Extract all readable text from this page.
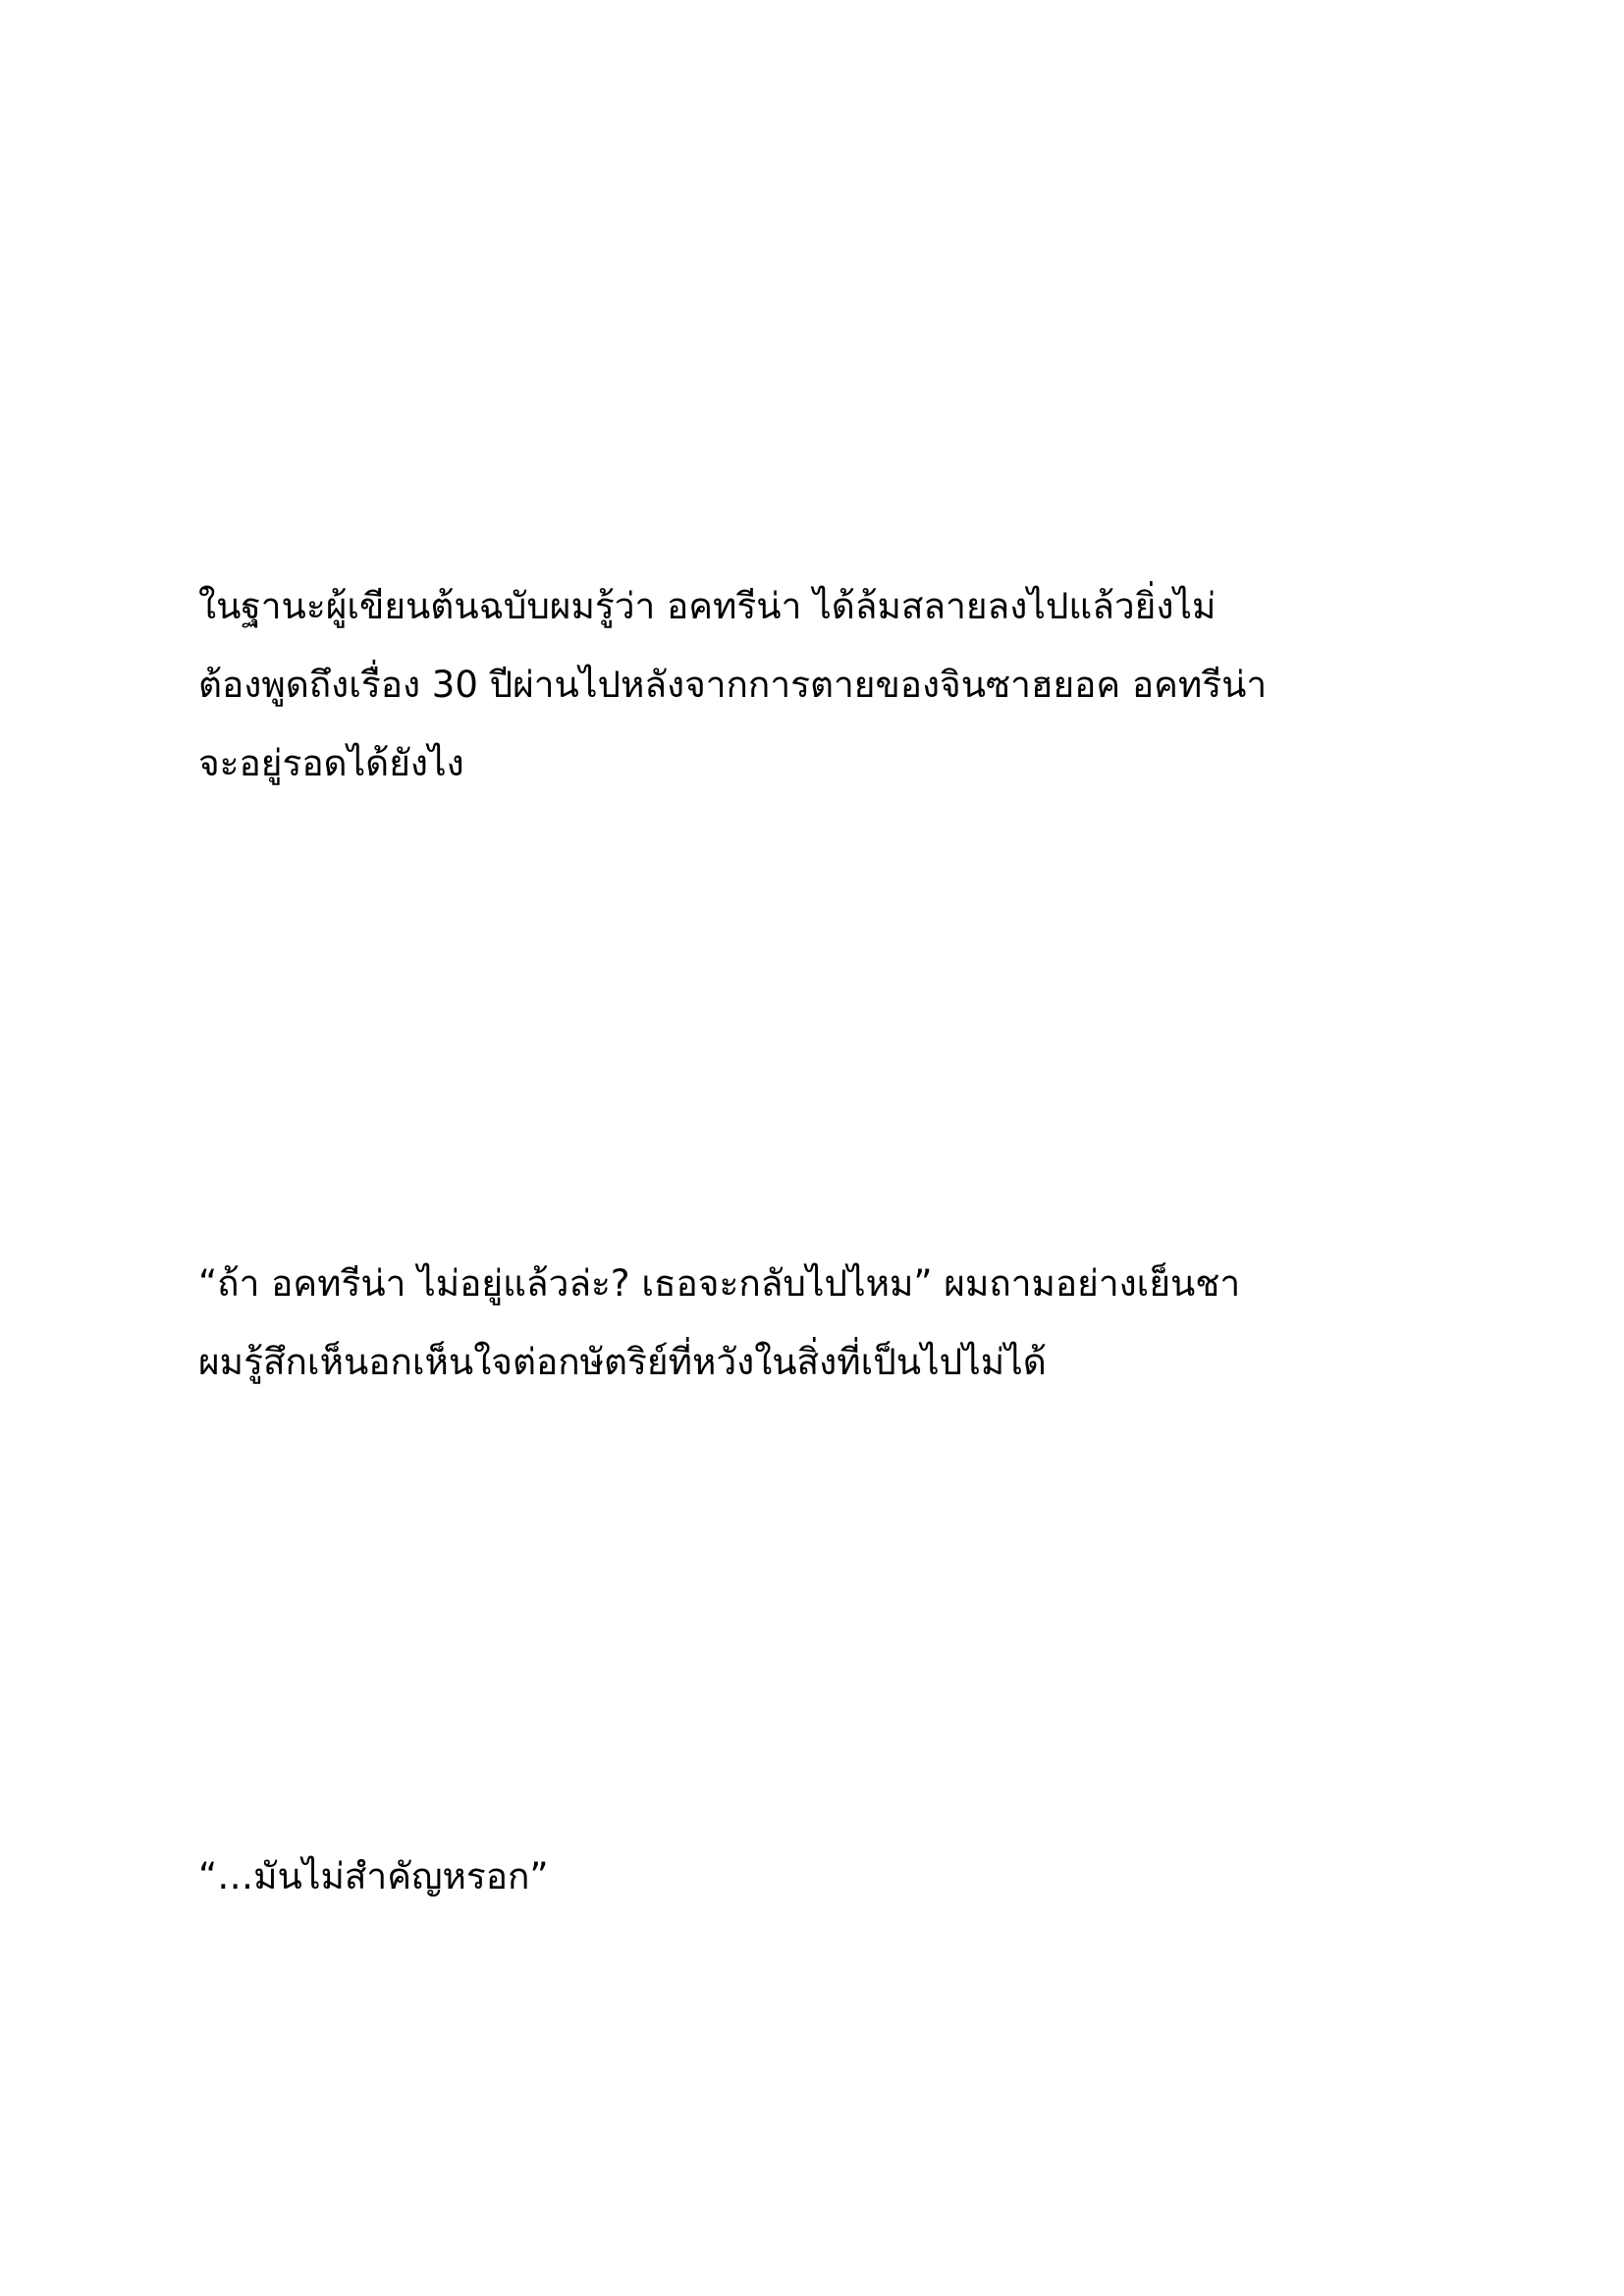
ในฐานะผู้เขียนต้นฉบับผมรู้ว่า อคทรีน่า ได้ล้มสลายลงไปแล้วยิ่งไม่
ต้องพูดถึงเรื่อง 30 ปีผ่านไปหลังจากการตายของจินซาฮยอค อคทรีน่า
จะอยู่รอดได้ยังไง
“ถ้า อคทรีน่า ไม่อยู่แล้วล่ะ? เธอจะกลับไปไหม” ผมถามอย่างเย็นชา
ผมรู้สึกเห็นอกเห็นใจต่อกษัตริย์ที่หวังในสิ่งที่เป็นไปไม่ได้
“…มันไม่สำคัญหรอก”
